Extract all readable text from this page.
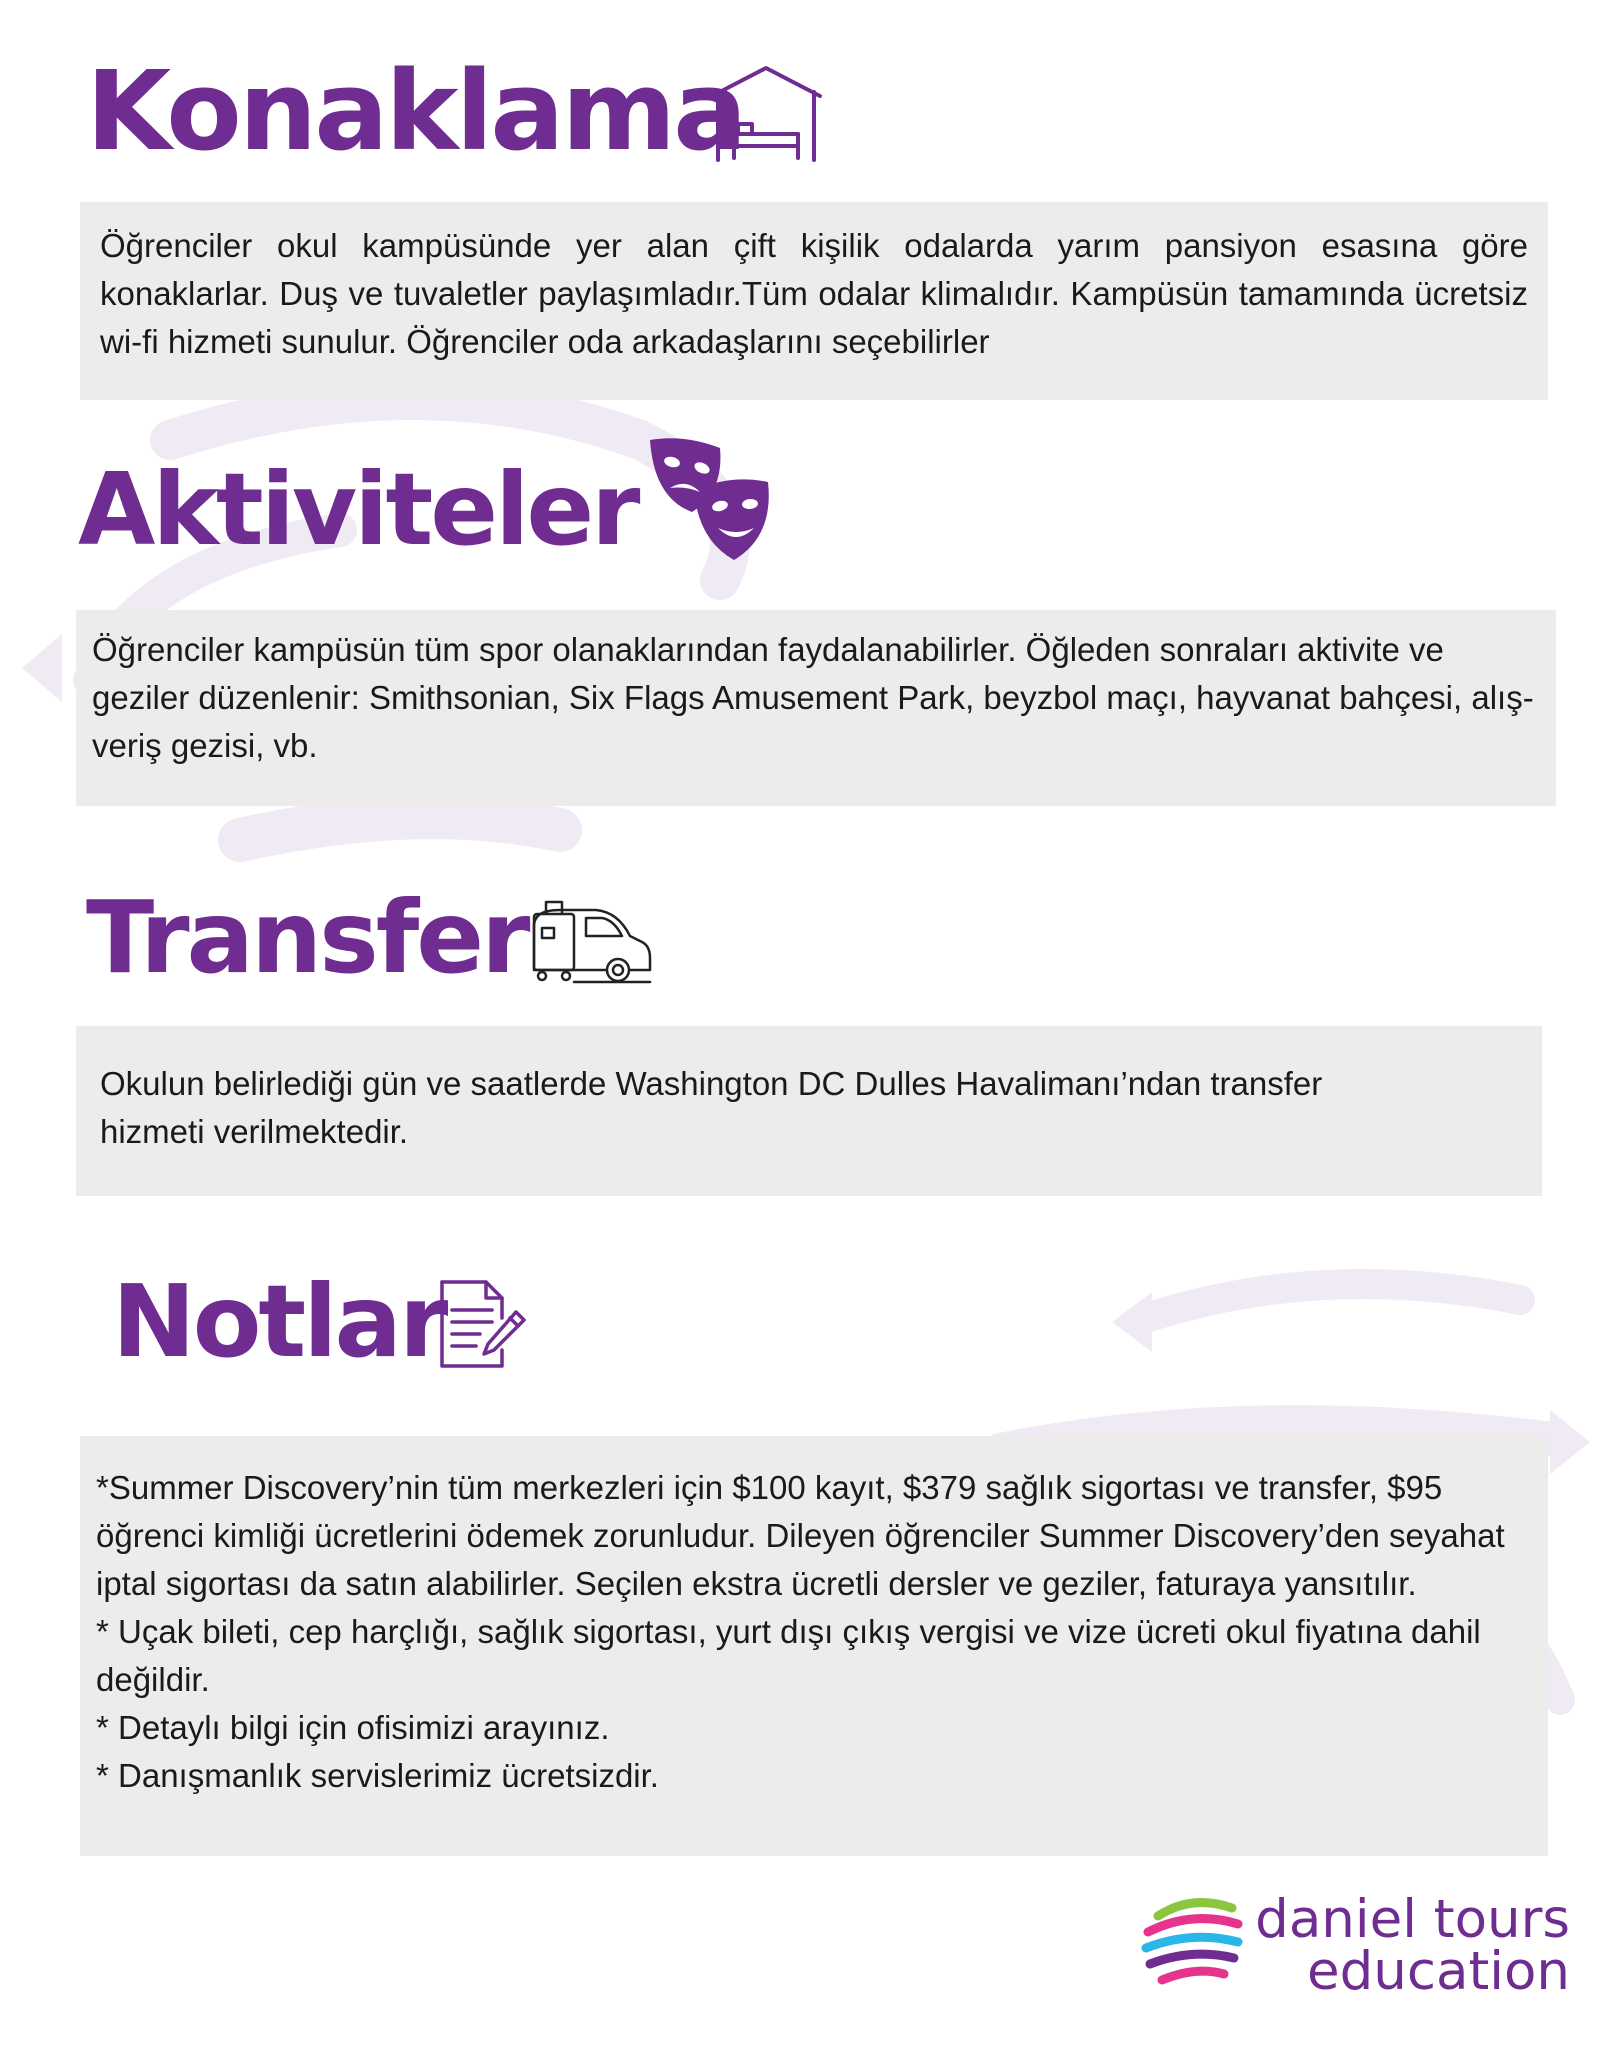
Konaklama

Öğrenciler okul kampüsünde yer alan çift kişilik odalarda yarım pansiyon esasına göre konaklarlar. Duş ve tuvaletler paylaşımladır.Tüm odalar klimalıdır. Kampüsün tamamında ücretsiz wi-fi hizmeti sunulur. Öğrenciler oda arkadaşlarını seçebilirler

Aktiviteler

Öğrenciler kampüsün tüm spor olanaklarından faydalanabilirler. Öğleden sonraları aktivite ve geziler düzenlenir: Smithsonian, Six Flags Amusement Park, beyzbol maçı, hayvanat bahçesi, alış-veriş gezisi, vb.

Transfer

Okulun belirlediği gün ve saatlerde Washington DC Dulles Havalimanı’ndan transfer

hizmeti verilmektedir.

Notlar

*Summer Discovery’nin tüm merkezleri için $100 kayıt, $379 sağlık sigortası ve transfer, $95 öğrenci kimliği ücretlerini ödemek zorunludur. Dileyen öğrenciler Summer Discovery’den seyahat iptal sigortası da satın alabilirler. Seçilen ekstra ücretli dersler ve geziler, faturaya yansıtılır.

* Uçak bileti, cep harçlığı, sağlık sigortası, yurt dışı çıkış vergisi ve vize ücreti okul fiyatına dahil değildir.

* Detaylı bilgi için ofisimizi arayınız.

* Danışmanlık servislerimiz ücretsizdir.

daniel tours
education
